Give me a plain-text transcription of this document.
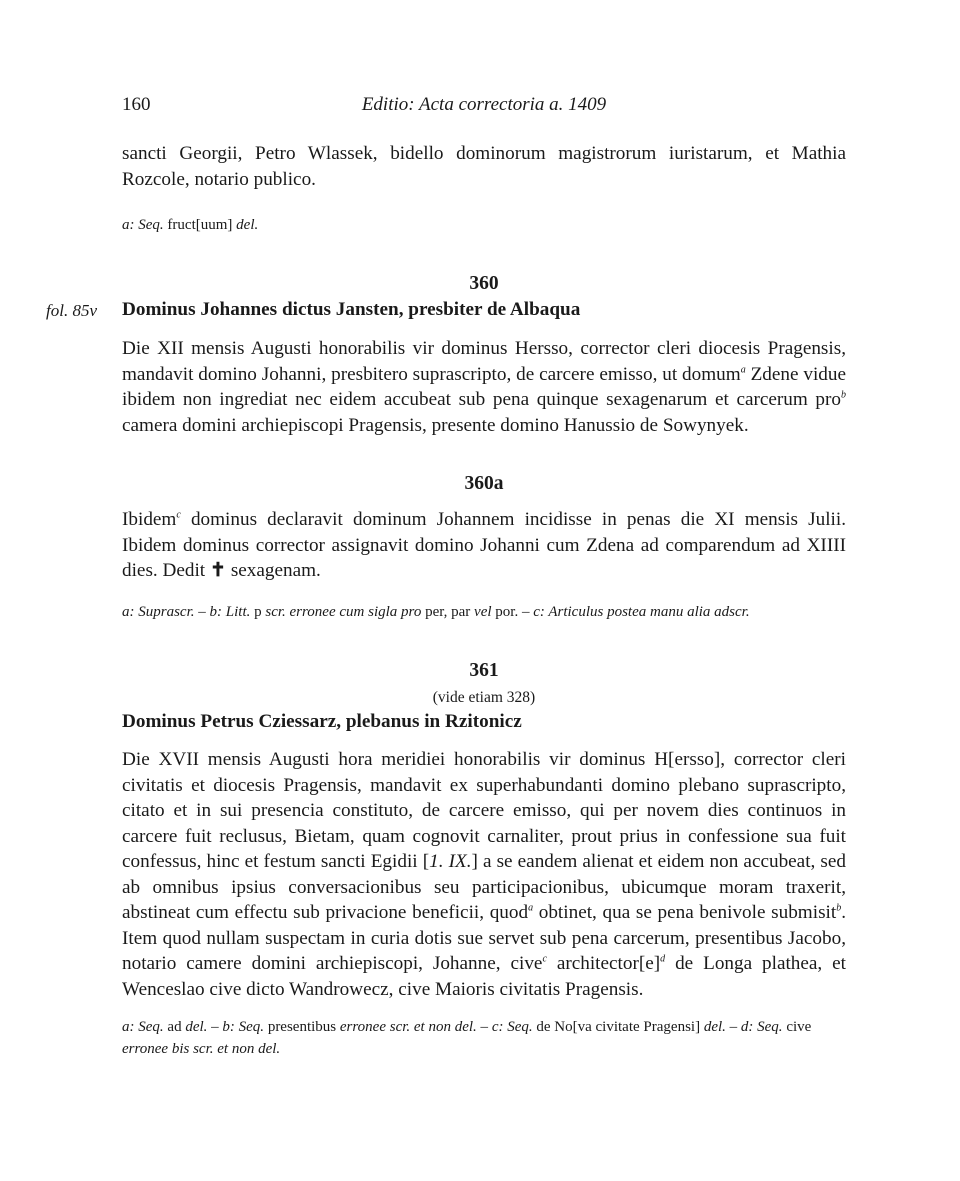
160	Editio: Acta correctoria a. 1409

sancti Georgii, Petro Wlassek, bidello dominorum magistrorum iuristarum, et Mathia Rozcole, notario publico.

a: Seq. fruct[uum] del.
360
fol. 85v Dominus Johannes dictus Jansten, presbiter de Albaqua

Die XII mensis Augusti honorabilis vir dominus Hersso, corrector cleri diocesis Pragensis, mandavit domino Johanni, presbitero suprascripto, de carcere emisso, ut domum$^a$ Zdene vidue ibidem non ingrediat nec eidem accubeat sub pena quinque sexagenarum et carcerum pro$^b$ camera domini archiepiscopi Pragensis, presente domino Hanussio de Sowynyek.

360a

Ibidem$^c$ dominus declaravit dominum Johannem incidisse in penas die XI mensis Julii. Ibidem dominus corrector assignavit domino Johanni cum Zdena ad comparendum ad XIIII dies. Dedit ✝ sexagenam.

a: Suprascr. – b: Litt. p scr. erronee cum sigla pro per, par vel por. – c: Articulus postea manu alia adscr.
361
(vide etiam 328)
Dominus Petrus Cziessarz, plebanus in Rzitonicz

Die XVII mensis Augusti hora meridiei honorabilis vir dominus H[ersso], corrector cleri civitatis et diocesis Pragensis, mandavit ex superhabundanti domino plebano suprascripto, citato et in sui presencia constituto, de carcere emisso, qui per novem dies continuos in carcere fuit reclusus, Bietam, quam cognovit carnaliter, prout prius in confessione sua fuit confessus, hinc et festum sancti Egidii [1. IX.] a se eandem alienat et eidem non accubeat, sed ab omnibus ipsius conversacionibus seu participacionibus, ubicumque moram traxerit, abstineat cum effectu sub privacione beneficii, quod$^a$ obtinet, qua se pena benivole submisit$^b$. Item quod nullam suspectam in curia dotis sue servet sub pena carcerum, presentibus Jacobo, notario camere domini archiepiscopi, Johanne, cive$^c$ $architector[e]^d$ de Longa plathea, et Wenceslao cive dicto Wandrowecz, cive Maioris civitatis Pragensis.

a: Seq. ad del. – b: Seq. presentibus erronee scr. et non del. – c: Seq. de No[va civitate Pragensi] del. – d: Seq. cive erronee bis scr. et non del.
